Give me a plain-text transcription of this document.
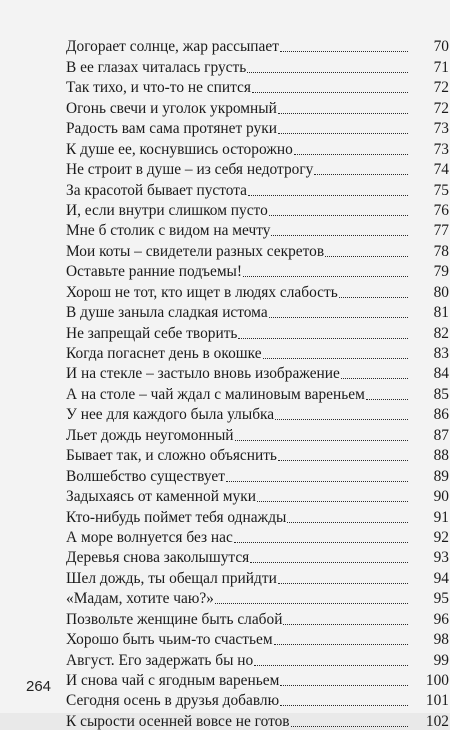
Догорает солнце, жар рассыпает	70
В ее глазах читалась грусть	71
Так тихо, и что-то не спится	72
Огонь свечи и уголок укромный	72
Радость вам сама протянет руки	73
К душе ее, коснувшись осторожно	73
Не строит в душе – из себя недотрогу	74
За красотой бывает пустота	75
И, если внутри слишком пусто	76
Мне б столик с видом на мечту	77
Мои коты – свидетели разных секретов	78
Оставьте ранние подъемы!	79
Хорош не тот, кто ищет в людях слабость	80
В душе заныла сладкая истома	81
Не запрещай себе творить	82
Когда погаснет день в окошке	83
И на стекле – застыло вновь изображение	84
А на столе – чай ждал с малиновым вареньем	85
У нее для каждого была улыбка	86
Льет дождь неугомонный	87
Бывает так, и сложно объяснить	88
Волшебство существует	89
Задыхаясь от каменной муки	90
Кто-нибудь поймет тебя однажды	91
А море волнуется без нас	92
Деревья снова заколышутся	93
Шел дождь, ты обещал прийдти	94
«Мадам, хотите чаю?»	95
Позвольте женщине быть слабой	96
Хорошо быть чьим-то счастьем	98
Август. Его задержать бы но	99
И снова чай с ягодным вареньем	100
Сегодня осень в друзья добавлю	101
К сырости осенней вовсе не готов	102
264
